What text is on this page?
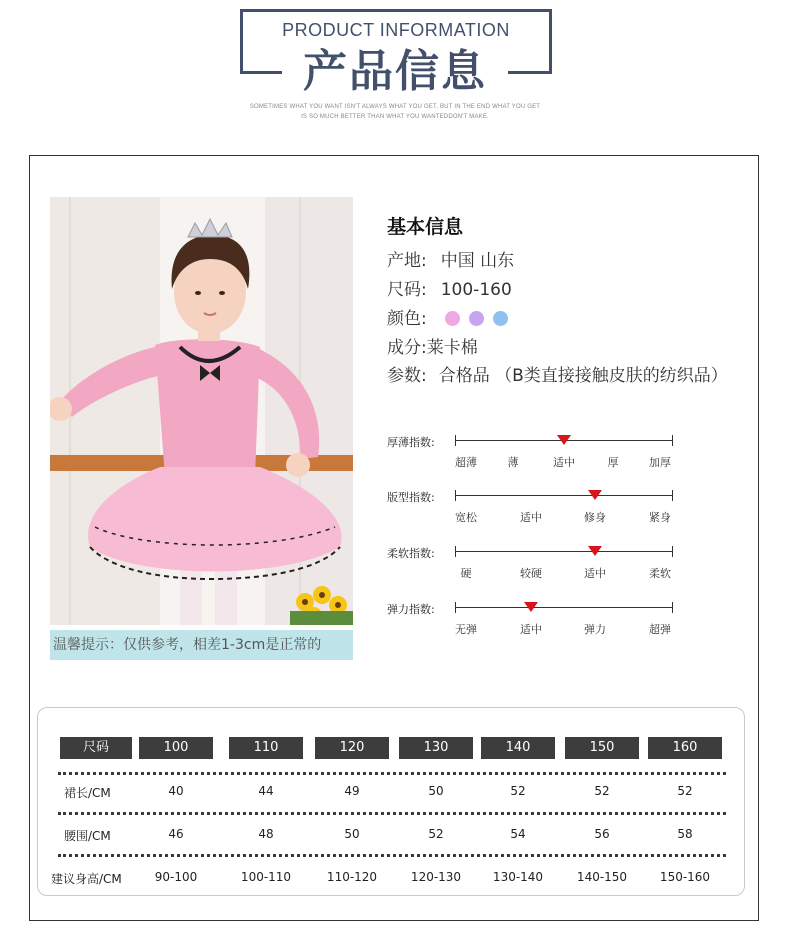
PRODUCT INFORMATION
产品信息
SOMETIMES WHAT YOU WANT ISN'T ALWAYS WHAT YOU GET, BUT IN THE END WHAT YOU GET
IS SO MUCH BETTER THAN WHAT YOU WANTEDDON'T MAKE.
温馨提示：仅供参考，相差1-3cm是正常的
基本信息
产地: 中国 山东
尺码: 100-160
颜色:
成分:莱卡棉
参数: 合格品 （B类直接接触皮肤的纺织品）
厚薄指数:
超薄	薄	适中	厚	加厚
版型指数:
宽松	适中	修身	紧身
柔软指数:
硬	较硬	适中	柔软
弹力指数:
无弹	适中	弹力	超弹
尺码	100	110	120	130	140	150	160
裙长/CM	40	44	49	50	52	52	52
腰围/CM	46	48	50	52	54	56	58
建议身高/CM	90-100	100-110	110-120	120-130	130-140	140-150	150-160
